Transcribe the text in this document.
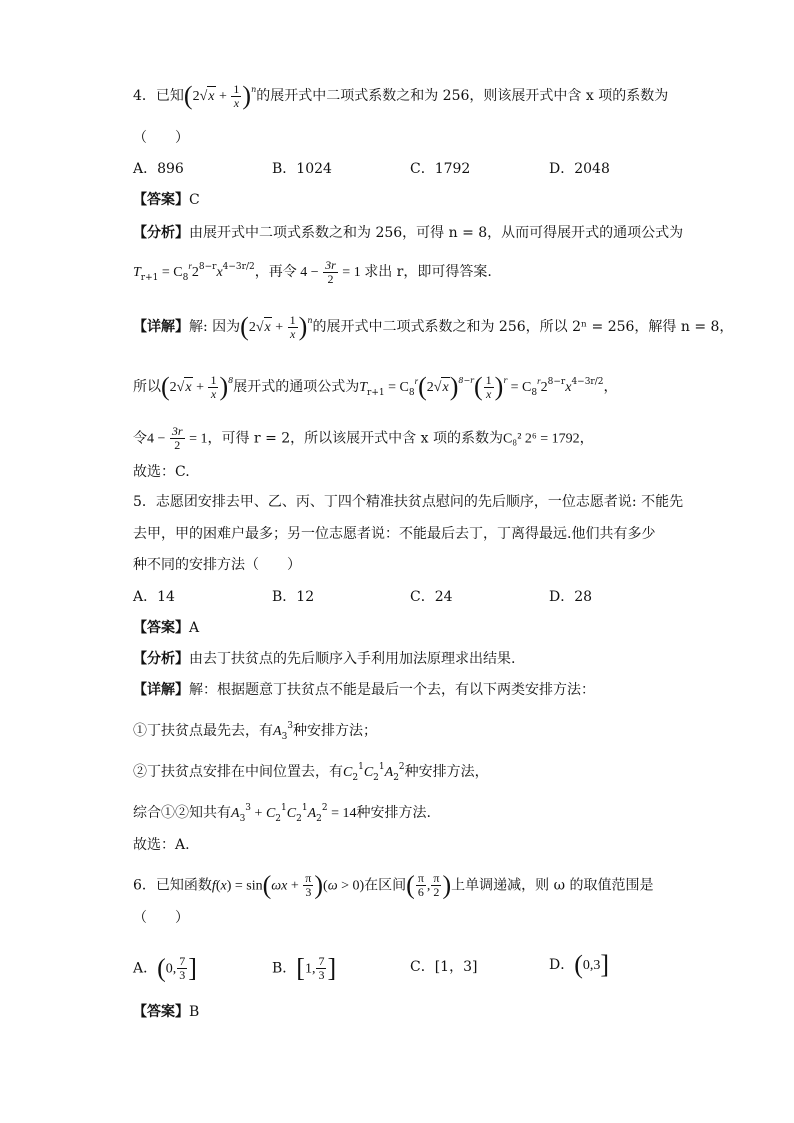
4．已知$(2√x + \frac{1}{x} )^n$的展开式中二项式系数之和为 256，则该展开式中含 x 项的系数为
（　　）
A．896	B．1024	C．1792	D．2048
【答案】C
【分析】由展开式中二项式系数之和为 256，可得 n = 8，从而可得展开式的通项公式为
$T_{r+1} = C_8^r2^{8-r}x^{4-3r/2}$，再令 $4 - \frac{3r}{2} = 1$ 求出 r，即可得答案.
【详解】解: 因为$(2√x + \frac{1}{x} )^n$的展开式中二项式系数之和为 256，所以 2ⁿ = 256，解得 n = 8，
所以$(2√x + \frac{1}{x} )^8$展开式的通项公式为$T_{r+1} = C_8^r(2√x)^{8-r}( \frac{1}{x} )^r = C_8^r2^{8-r}x^{4-3r/2}$，
令$4 - \frac{3r}{2} = 1$，可得 r = 2，所以该展开式中含 x 项的系数为C₈² 2⁶ = 1792，
故选：C.
5．志愿团安排去甲、乙、丙、丁四个精准扶贫点慰问的先后顺序，一位志愿者说: 不能先
去甲，甲的困难户最多；另一位志愿者说：不能最后去丁，丁离得最远.他们共有多少
种不同的安排方法（　　）
A．14	B．12	C．24	D．28
【答案】A
【分析】由去丁扶贫点的先后顺序入手利用加法原理求出结果.
【详解】解：根据题意丁扶贫点不能是最后一个去，有以下两类安排方法：
①丁扶贫点最先去，有$A_3^3$种安排方法；
②丁扶贫点安排在中间位置去，有$C_2^1C_2^1A_2^2$种安排方法，
综合①②知共有$A_3^3 + C_2^1C_2^1A_2^2 = 14$种安排方法.
故选：A.
6．已知函数$f(x) = \sin(\omega x + \frac{\pi}{3} )(\omega > 0)$在区间( $\frac{\pi}{6}$ , $\frac{\pi}{2}$ )上单调递减，则 ω 的取值范围是
（　　）
A．(0, $\frac{7}{3}$ ]	B．[1, $\frac{7}{3}$ ]	C．[1，3]	D．(0,3]
【答案】B
